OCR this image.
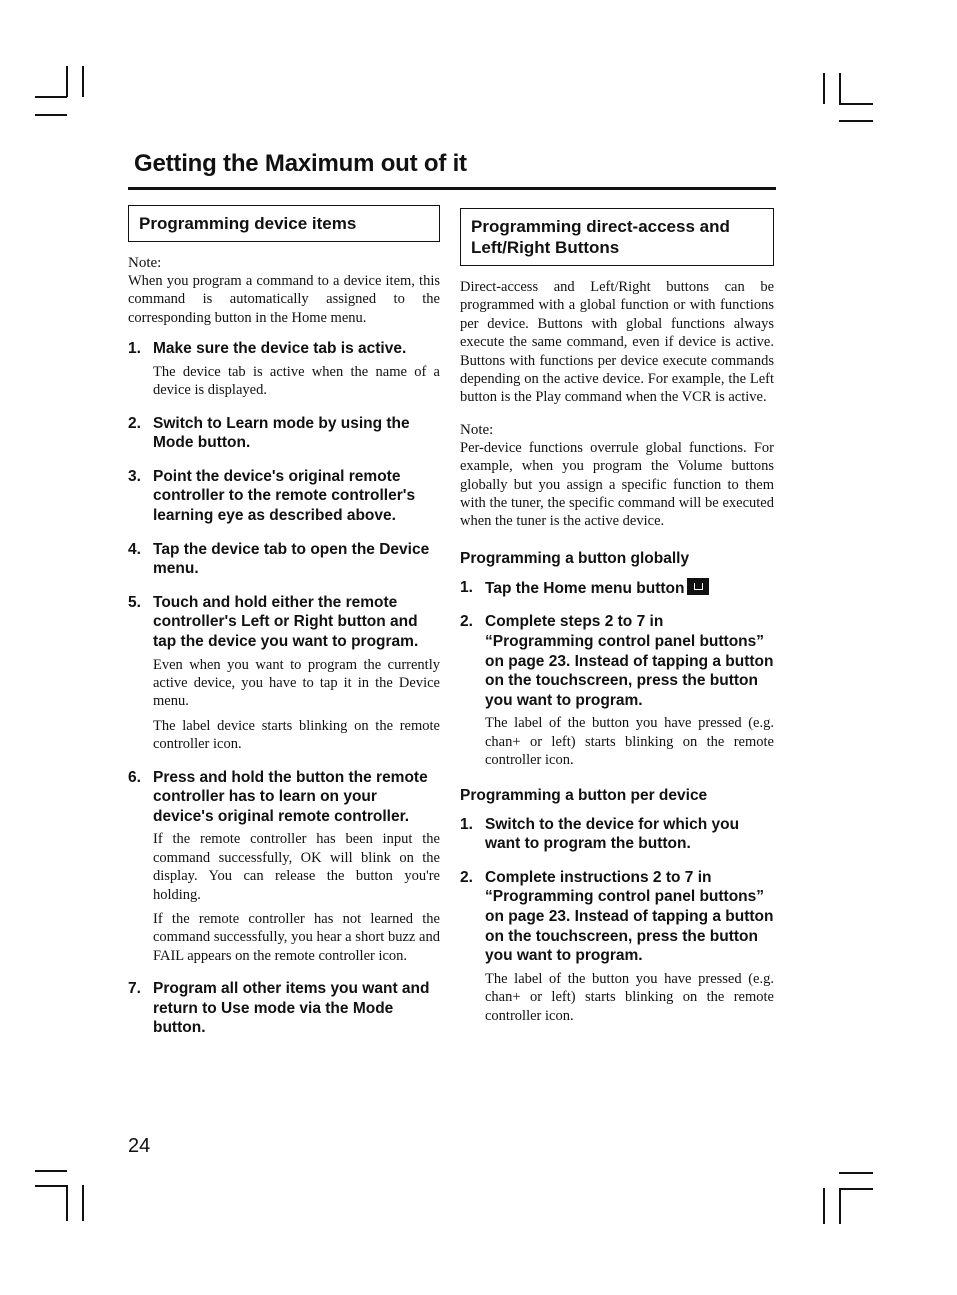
Getting the Maximum out of it
Programming device items
Note:

When you program a command to a device item, this command is automatically assigned to the corresponding button in the Home menu.

1. Make sure the device tab is active.

The device tab is active when the name of a device is displayed.

2. Switch to Learn mode by using the Mode button.
3. Point the device's original remote controller to the remote controller's learning eye as described above.
4. Tap the device tab to open the Device menu.
5. Touch and hold either the remote controller's Left or Right button and tap the device you want to program.

Even when you want to program the currently active device, you have to tap it in the Device menu.

The label device starts blinking on the remote controller icon.

6. Press and hold the button the remote controller has to learn on your device's original remote controller.

If the remote controller has been input the command successfully, OK will blink on the display. You can release the button you're holding.

If the remote controller has not learned the command successfully, you hear a short buzz and FAIL appears on the remote controller icon.

7. Program all other items you want and return to Use mode via the Mode button.
Programming direct-access and Left/Right Buttons

Direct-access and Left/Right buttons can be programmed with a global function or with functions per device. Buttons with global functions always execute the same command, even if device is active. Buttons with functions per device execute commands depending on the active device. For example, the Left button is the Play command when the VCR is active.

Note:

Per-device functions overrule global functions. For example, when you program the Volume buttons globally but you assign a specific function to them with the tuner, the specific command will be executed when the tuner is the active device.

Programming a button globally
1. Tap the Home menu button
2. Complete steps 2 to 7 in “Programming control panel buttons” on page 23. Instead of tapping a button on the touchscreen, press the button you want to program.

The label of the button you have pressed (e.g. chan+ or left) starts blinking on the remote controller icon.

Programming a button per device
1. Switch to the device for which you want to program the button.
2. Complete instructions 2 to 7 in “Programming control panel buttons” on page 23. Instead of tapping a button on the touchscreen, press the button you want to program.

The label of the button you have pressed (e.g. chan+ or left) starts blinking on the remote controller icon.

24
